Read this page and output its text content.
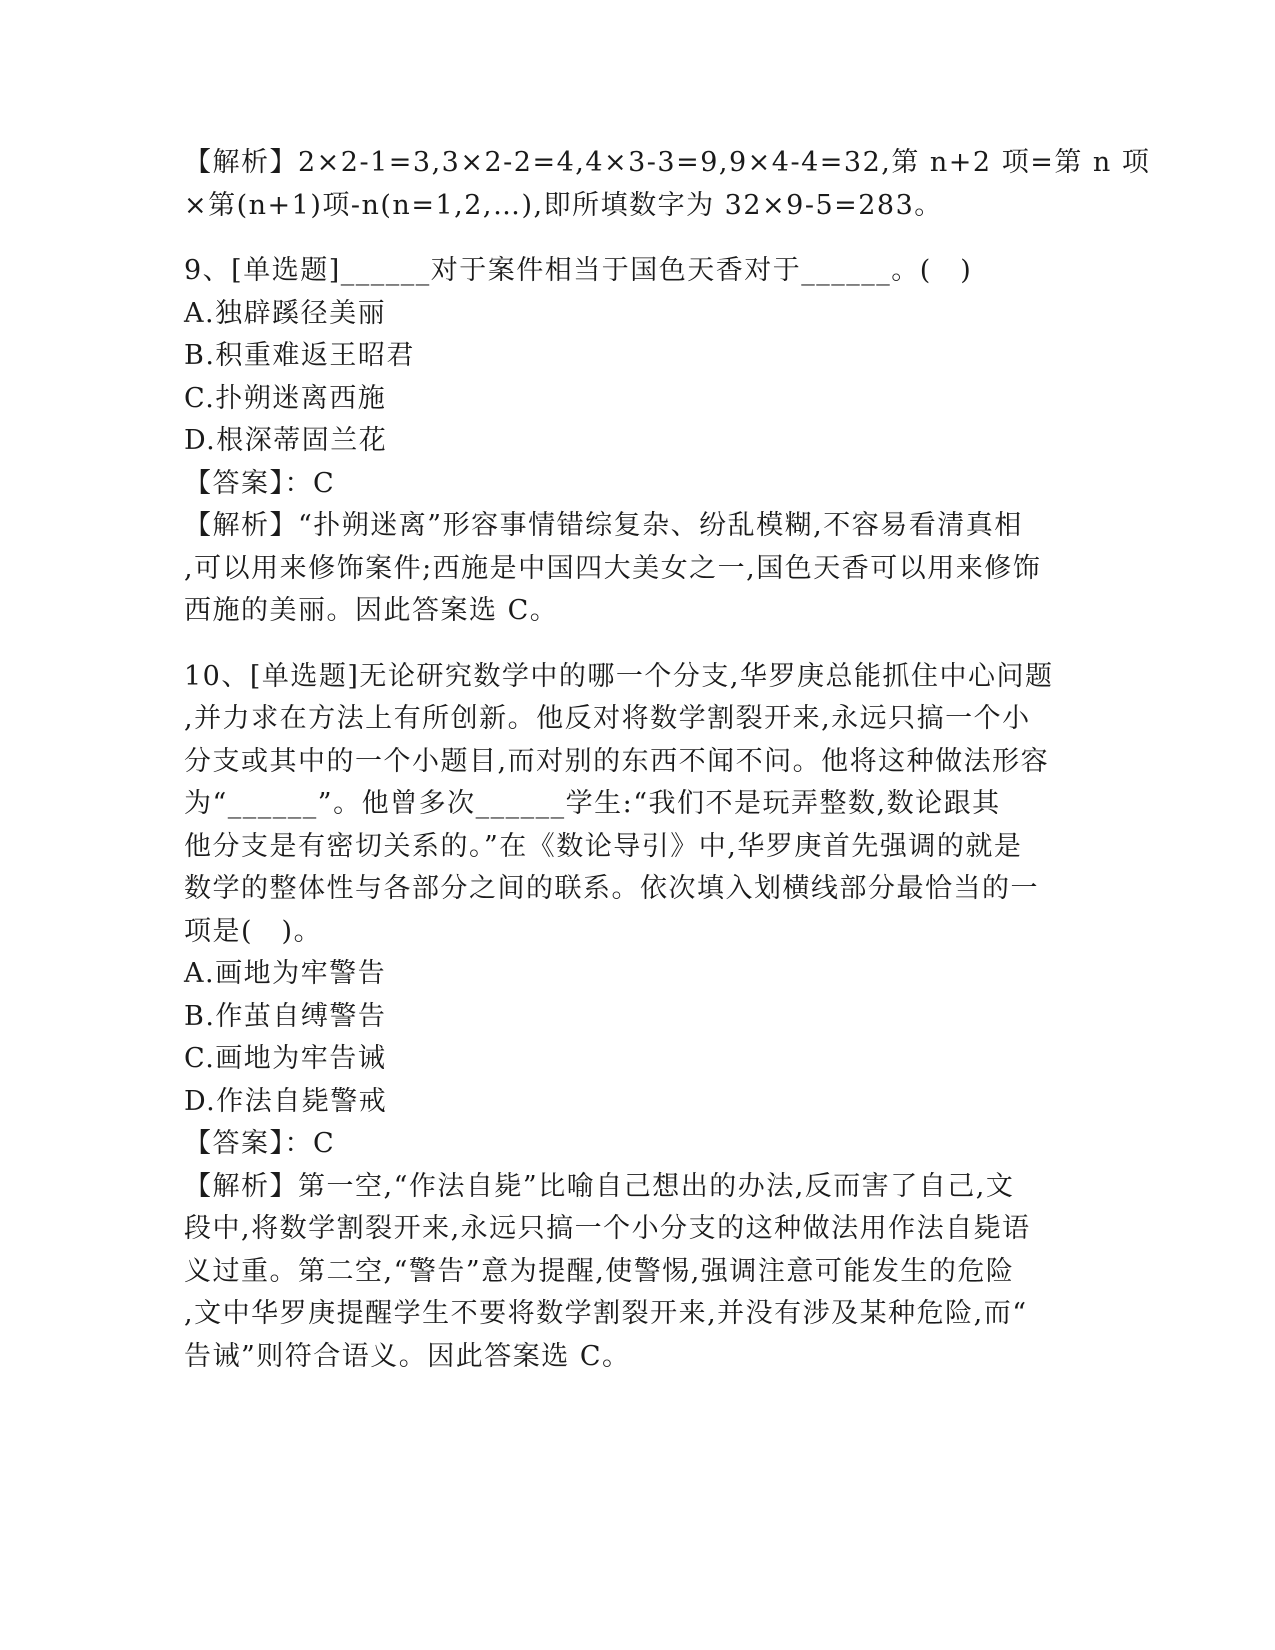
【解析】2×2-1=3,3×2-2=4,4×3-3=9,9×4-4=32,第 n+2 项=第 n 项
×第(n+1)项-n(n=1,2,…),即所填数字为 32×9-5=283。
9、[单选题]______对于案件相当于国色天香对于______。(　)
A.独辟蹊径美丽
B.积重难返王昭君
C.扑朔迷离西施
D.根深蒂固兰花
【答案】：C
【解析】“扑朔迷离”形容事情错综复杂、纷乱模糊,不容易看清真相
,可以用来修饰案件;西施是中国四大美女之一,国色天香可以用来修饰
西施的美丽。因此答案选 C。
10、[单选题]无论研究数学中的哪一个分支,华罗庚总能抓住中心问题
,并力求在方法上有所创新。他反对将数学割裂开来,永远只搞一个小
分支或其中的一个小题目,而对别的东西不闻不问。他将这种做法形容
为“______”。他曾多次______学生:“我们不是玩弄整数,数论跟其
他分支是有密切关系的。”在《数论导引》中,华罗庚首先强调的就是
数学的整体性与各部分之间的联系。依次填入划横线部分最恰当的一
项是(　)。
A.画地为牢警告
B.作茧自缚警告
C.画地为牢告诫
D.作法自毙警戒
【答案】：C
【解析】第一空,“作法自毙”比喻自己想出的办法,反而害了自己,文
段中,将数学割裂开来,永远只搞一个小分支的这种做法用作法自毙语
义过重。第二空,“警告”意为提醒,使警惕,强调注意可能发生的危险
,文中华罗庚提醒学生不要将数学割裂开来,并没有涉及某种危险,而“
告诫”则符合语义。因此答案选 C。
